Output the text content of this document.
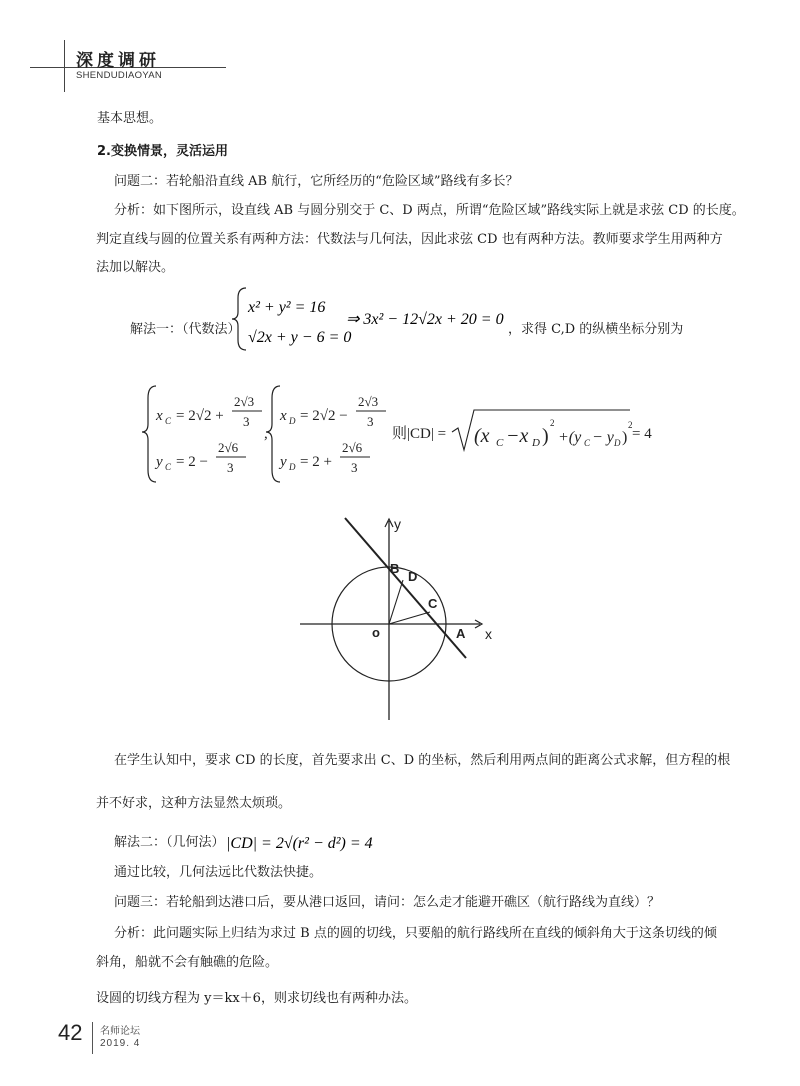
深度调研
SHENDUDIAOYAN
基本思想。
2.变换情景，灵活运用
问题二：若轮船沿直线 AB 航行，它所经历的“危险区域”路线有多长？
分析：如下图所示，设直线 AB 与圆分别交于 C、D 两点，所谓“危险区域”路线实际上就是求弦 CD 的长度。
判定直线与圆的位置关系有两种方法：代数法与几何法，因此求弦 CD 也有两种方法。教师要求学生用两种方
法加以解决。
解法一：（代数法）
x² + y² = 16
√2x + y − 6 = 0
⇒ 3x² − 12√2x + 20 = 0
，求得 C,D 的纵横坐标分别为
x C = 2√2 +
2√3
3
y C = 2 −
2√6
3
,
x D = 2√2 −
2√3
3
y D = 2 +
2√6
3
则|CD| = (x C −x D )
2
+(y C − y D )
2
= 4
y
x
o	A
B
D
C
在学生认知中，要求 CD 的长度，首先要求出 C、D 的坐标，然后利用两点间的距离公式求解，但方程的根
并不好求，这种方法显然太烦琐。
解法二：（几何法） |CD| = 2√(r² − d²) = 4
通过比较，几何法远比代数法快捷。
问题三：若轮船到达港口后，要从港口返回，请问：怎么走才能避开礁区（航行路线为直线）？
分析：此问题实际上归结为求过 B 点的圆的切线，只要船的航行路线所在直线的倾斜角大于这条切线的倾
斜角，船就不会有触礁的危险。
设圆的切线方程为 y＝kx＋6，则求切线也有两种办法。
42 名师论坛
2019. 4
